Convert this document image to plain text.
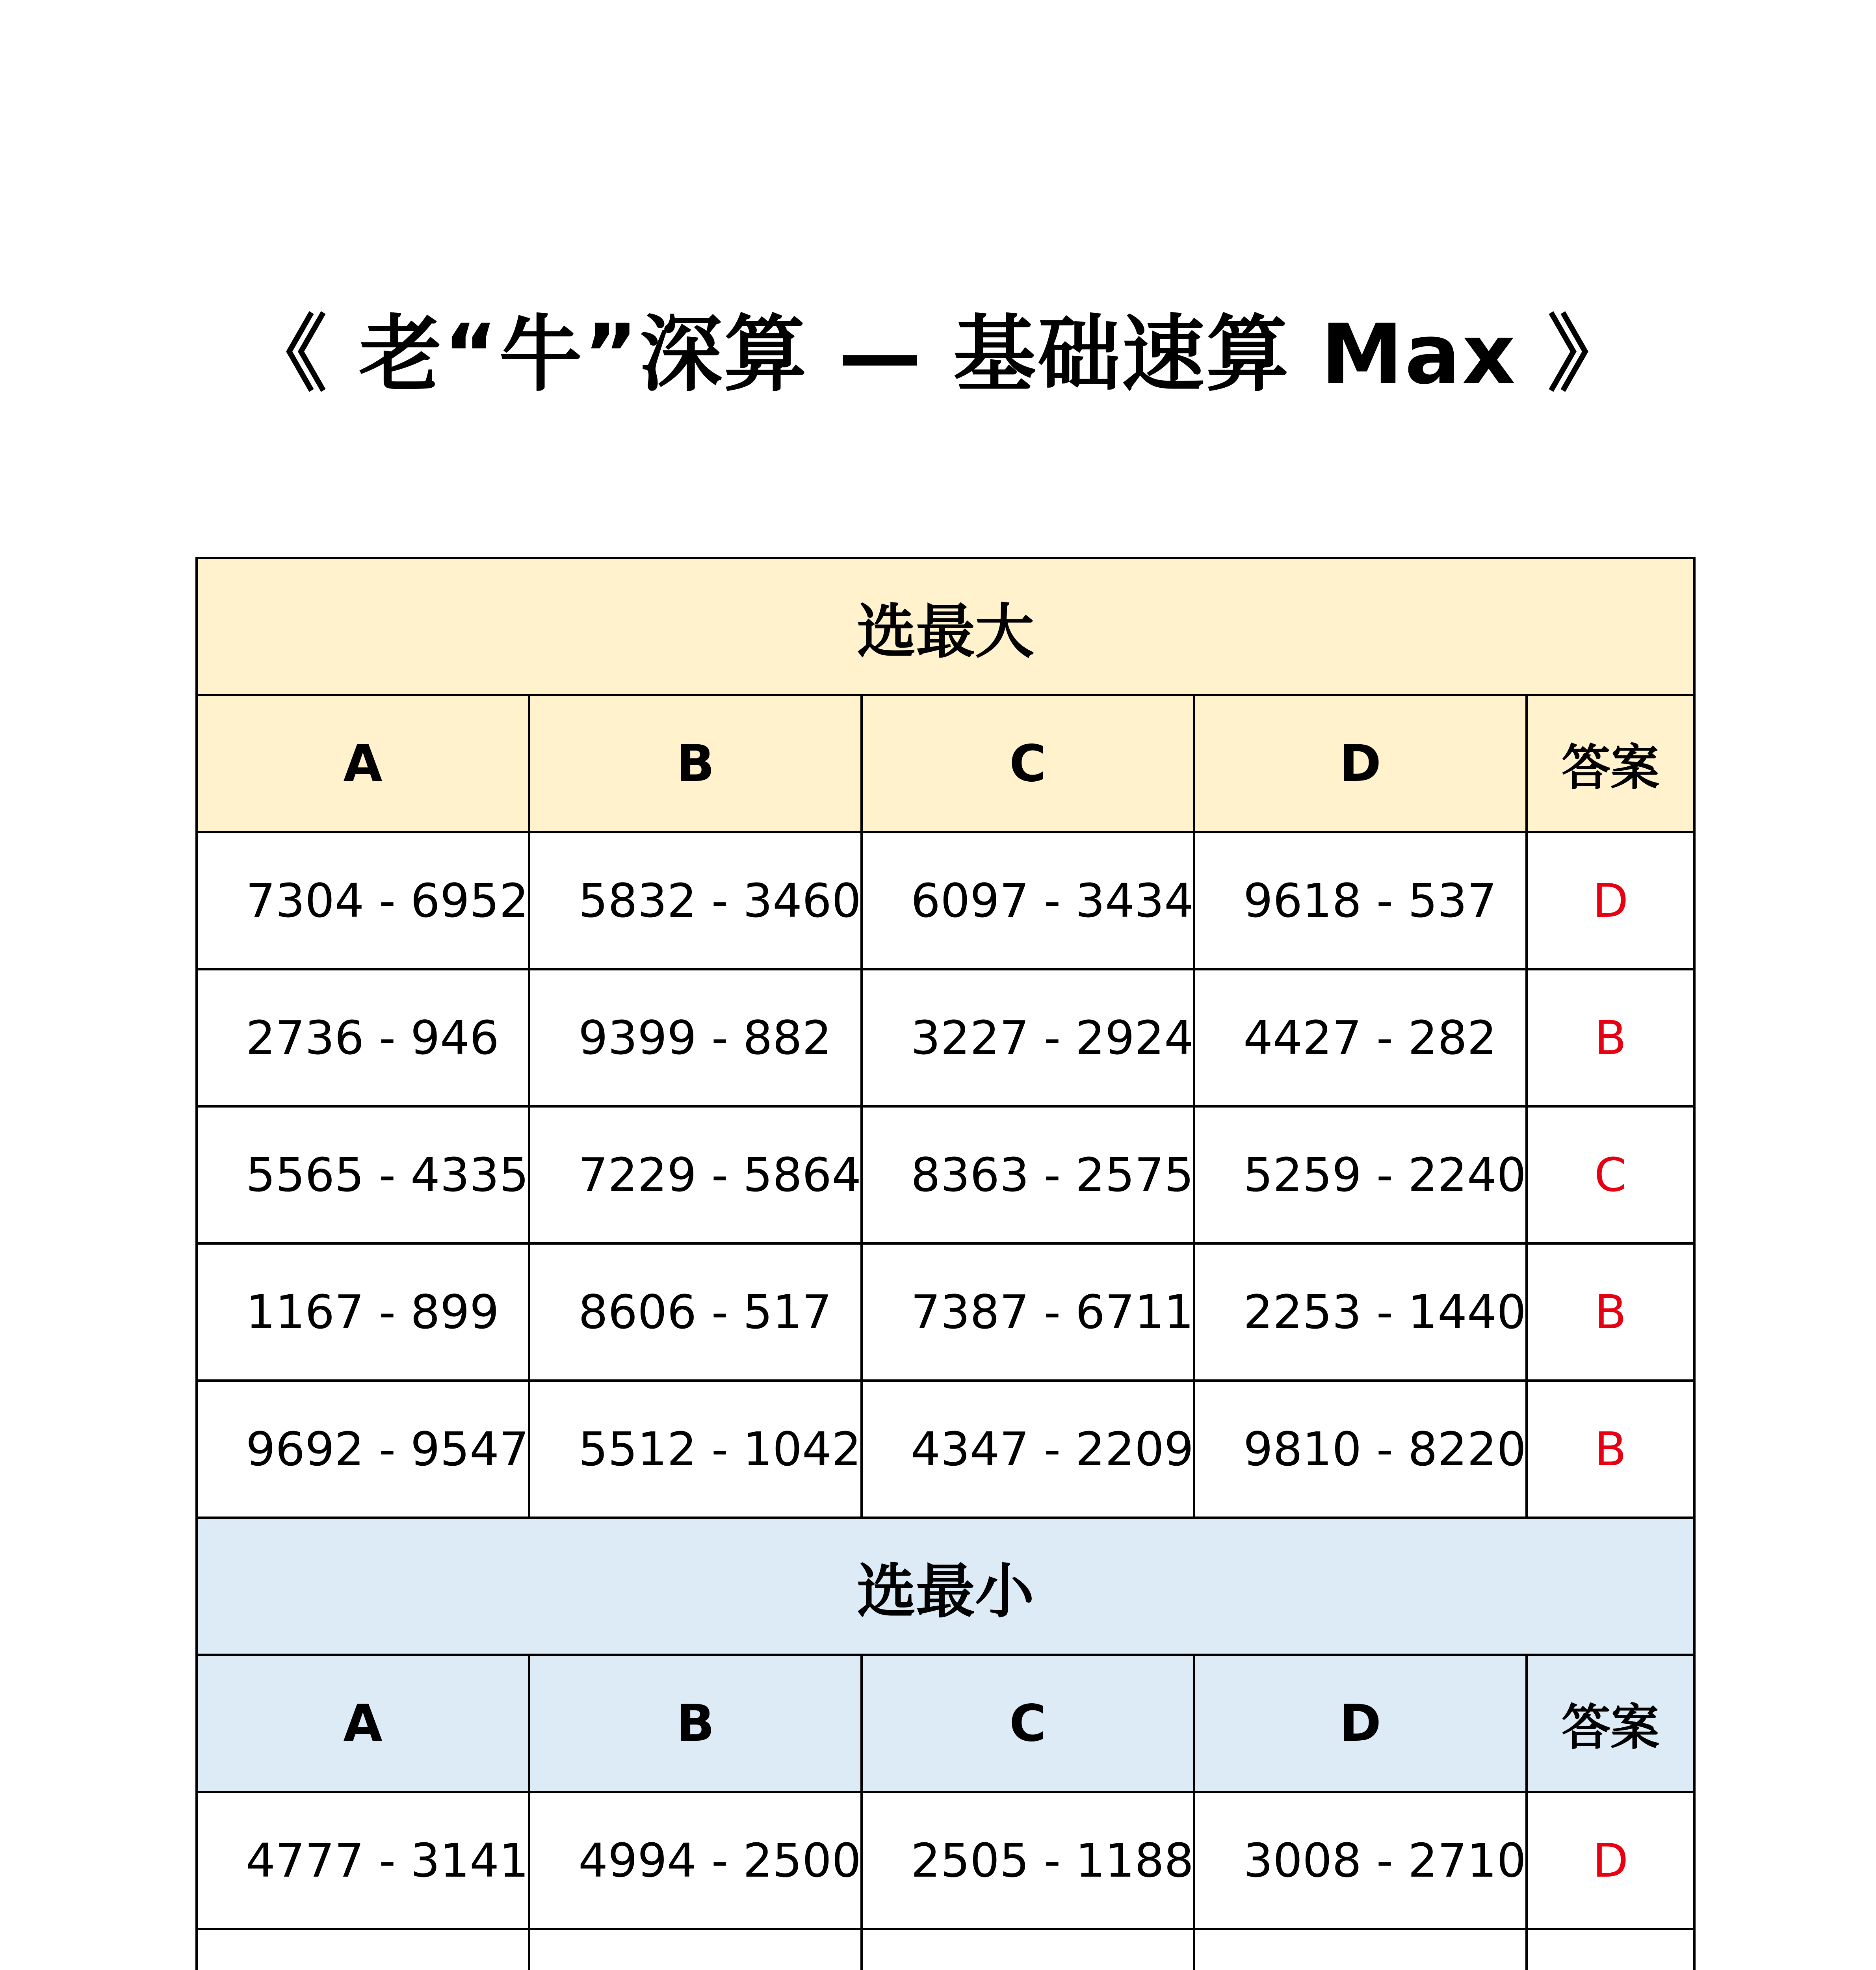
《 老“牛”深算 — 基础速算 Max 》
选最大				
A	B	C	D	答案
7304 - 6952	5832 - 3460	6097 - 3434	9618 - 537	D
2736 - 946	9399 - 882	3227 - 2924	4427 - 282	B
5565 - 4335	7229 - 5864	8363 - 2575	5259 - 2240	C
1167 - 899	8606 - 517	7387 - 6711	2253 - 1440	B
9692 - 9547	5512 - 1042	4347 - 2209	9810 - 8220	B
选最小				
A	B	C	D	答案
4777 - 3141	4994 - 2500	2505 - 1188	3008 - 2710	D
